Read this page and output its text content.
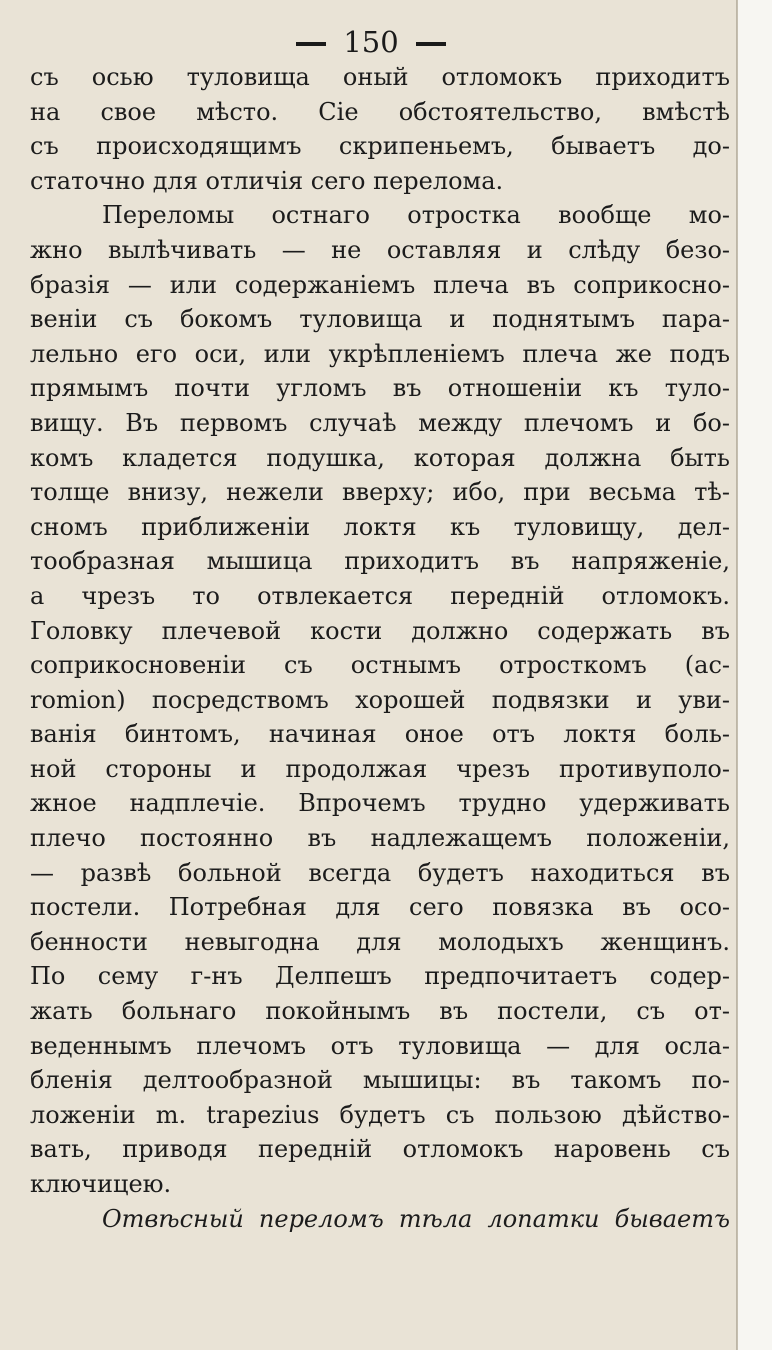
150
съ осью туловища оный отломокъ приходитъ
на свое мѣсто. Сіе обстоятельство, вмѣстѣ
съ происходящимъ скрипеньемъ, бываетъ до-
статочно для отличія сего перелома.
Переломы остнаго отростка вообще мо-
жно вылѣчивать — не оставляя и слѣду безо-
бразія — или содержаніемъ плеча въ соприкосно-
веніи съ бокомъ туловища и поднятымъ пара-
лельно его оси, или укрѣпленіемъ плеча же подъ
прямымъ почти угломъ въ отношеніи къ туло-
вищу. Въ первомъ случаѣ между плечомъ и бо-
комъ кладется подушка, которая должна быть
толще внизу, нежели вверху; ибо, при весьма тѣ-
сномъ приближеніи локтя къ туловищу, дел-
тообразная мышица приходитъ въ напряженіе,
а чрезъ то отвлекается передній отломокъ.
Головку плечевой кости должно содержать въ
соприкосновеніи съ остнымъ отросткомъ (ac-
romion) посредствомъ хорошей подвязки и уви-
ванія бинтомъ, начиная оное отъ локтя боль-
ной стороны и продолжая чрезъ противуполо-
жное надплечіе. Впрочемъ трудно удерживать
плечо постоянно въ надлежащемъ положеніи,
— развѣ больной всегда будетъ находиться въ
постели. Потребная для сего повязка въ осо-
бенности невыгодна для молодыхъ женщинъ.
По сему г-нъ Делпешъ предпочитаетъ содер-
жать больнаго покойнымъ въ постели, съ от-
веденнымъ плечомъ отъ туловища — для осла-
бленія делтообразной мышицы: въ такомъ по-
ложеніи m. trapezius будетъ съ пользою дѣйство-
вать, приводя передній отломокъ наровень съ
ключицею.
Отвѣсный переломъ тѣла лопатки бываетъ
